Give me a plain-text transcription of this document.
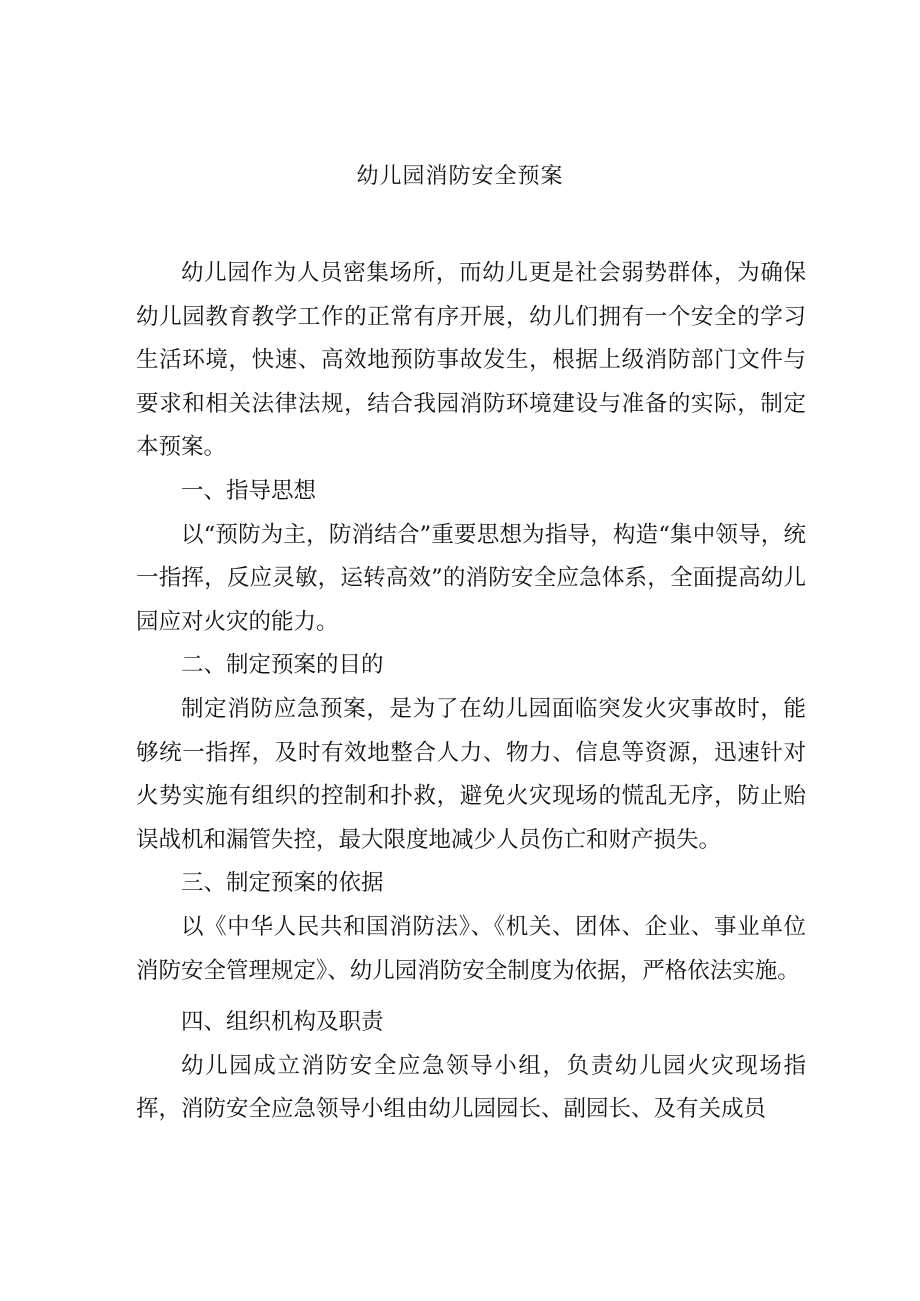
幼儿园消防安全预案

幼儿园作为人员密集场所，而幼儿更是社会弱势群体，为确保幼儿园教育教学工作的正常有序开展，幼儿们拥有一个安全的学习生活环境，快速、高效地预防事故发生，根据上级消防部门文件与要求和相关法律法规，结合我园消防环境建设与准备的实际，制定本预案。

一、指导思想

以“预防为主，防消结合”重要思想为指导，构造“集中领导，统一指挥，反应灵敏，运转高效”的消防安全应急体系，全面提高幼儿园应对火灾的能力。

二、制定预案的目的

制定消防应急预案，是为了在幼儿园面临突发火灾事故时，能够统一指挥，及时有效地整合人力、物力、信息等资源，迅速针对火势实施有组织的控制和扑救，避免火灾现场的慌乱无序，防止贻误战机和漏管失控，最大限度地减少人员伤亡和财产损失。

三、制定预案的依据

以《中华人民共和国消防法》、《机关、团体、企业、事业单位消防安全管理规定》、幼儿园消防安全制度为依据，严格依法实施。

四、组织机构及职责

幼儿园成立消防安全应急领导小组，负责幼儿园火灾现场指挥，消防安全应急领导小组由幼儿园园长、副园长、及有关成员
